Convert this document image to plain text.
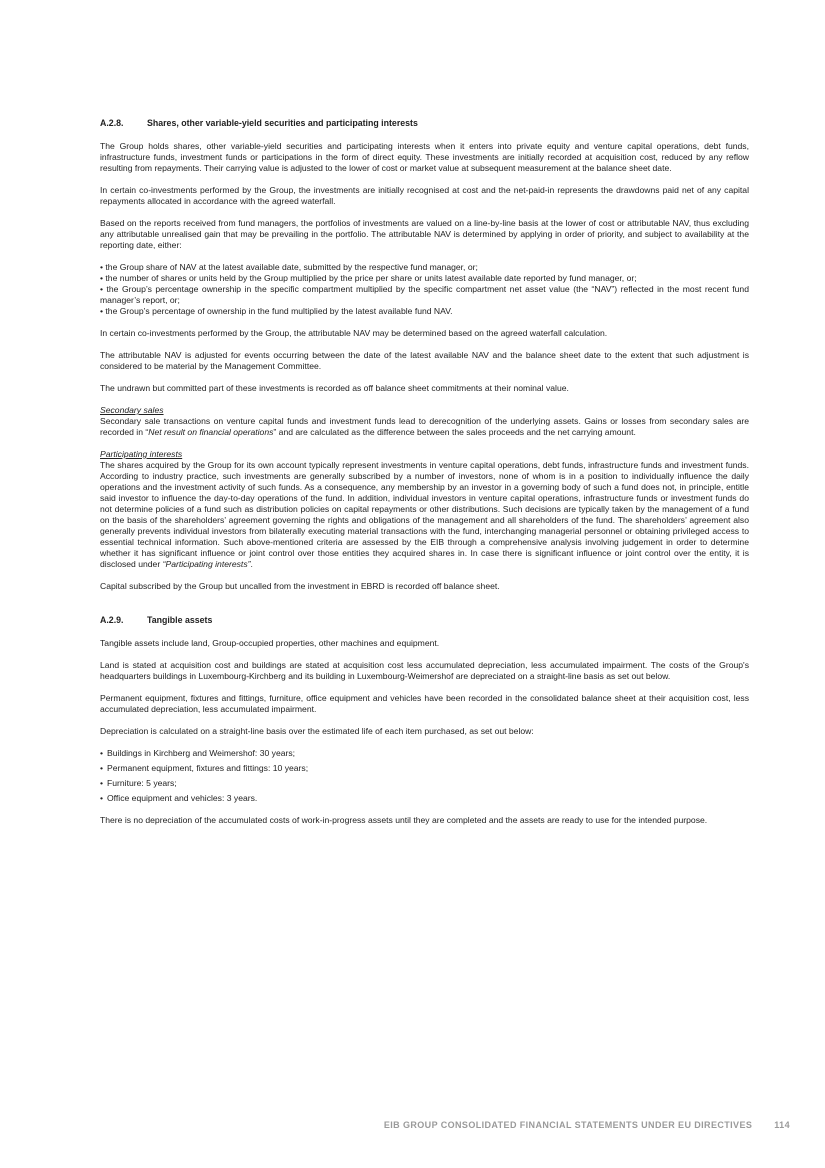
A.2.8.	Shares, other variable-yield securities and participating interests

The Group holds shares, other variable-yield securities and participating interests when it enters into private equity and venture capital operations, debt funds, infrastructure funds, investment funds or participations in the form of direct equity. These investments are initially recorded at acquisition cost, reduced by any reflow resulting from repayments. Their carrying value is adjusted to the lower of cost or market value at subsequent measurement at the balance sheet date.

In certain co-investments performed by the Group, the investments are initially recognised at cost and the net-paid-in represents the drawdowns paid net of any capital repayments allocated in accordance with the agreed waterfall.

Based on the reports received from fund managers, the portfolios of investments are valued on a line-by-line basis at the lower of cost or attributable NAV, thus excluding any attributable unrealised gain that may be prevailing in the portfolio. The attributable NAV is determined by applying in order of priority, and subject to availability at the reporting date, either:

• the Group share of NAV at the latest available date, submitted by the respective fund manager, or;
• the number of shares or units held by the Group multiplied by the price per share or units latest available date reported by fund manager, or;
• the Group’s percentage ownership in the specific compartment multiplied by the specific compartment net asset value (the “NAV”) reflected in the most recent fund manager’s report, or;
• the Group’s percentage of ownership in the fund multiplied by the latest available fund NAV.

In certain co-investments performed by the Group, the attributable NAV may be determined based on the agreed waterfall calculation.

The attributable NAV is adjusted for events occurring between the date of the latest available NAV and the balance sheet date to the extent that such adjustment is considered to be material by the Management Committee.

The undrawn but committed part of these investments is recorded as off balance sheet commitments at their nominal value.

Secondary sales
Secondary sale transactions on venture capital funds and investment funds lead to derecognition of the underlying assets. Gains or losses from secondary sales are recorded in “Net result on financial operations” and are calculated as the difference between the sales proceeds and the net carrying amount.

Participating interests
The shares acquired by the Group for its own account typically represent investments in venture capital operations, debt funds, infrastructure funds and investment funds. According to industry practice, such investments are generally subscribed by a number of investors, none of whom is in a position to individually influence the daily operations and the investment activity of such funds. As a consequence, any membership by an investor in a governing body of such a fund does not, in principle, entitle said investor to influence the day-to-day operations of the fund. In addition, individual investors in venture capital operations, infrastructure funds or investment funds do not determine policies of a fund such as distribution policies on capital repayments or other distributions. Such decisions are typically taken by the management of a fund on the basis of the shareholders’ agreement governing the rights and obligations of the management and all shareholders of the fund. The shareholders’ agreement also generally prevents individual investors from bilaterally executing material transactions with the fund, interchanging managerial personnel or obtaining privileged access to essential technical information. Such above-mentioned criteria are assessed by the EIB through a comprehensive analysis involving judgement in order to determine whether it has significant influence or joint control over those entities they acquired shares in. In case there is significant influence or joint control over the entity, it is disclosed under “Participating interests”.

Capital subscribed by the Group but uncalled from the investment in EBRD is recorded off balance sheet.

A.2.9.	Tangible assets

Tangible assets include land, Group-occupied properties, other machines and equipment.

Land is stated at acquisition cost and buildings are stated at acquisition cost less accumulated depreciation, less accumulated impairment. The costs of the Group's headquarters buildings in Luxembourg-Kirchberg and its building in Luxembourg-Weimershof are depreciated on a straight-line basis as set out below.

Permanent equipment, fixtures and fittings, furniture, office equipment and vehicles have been recorded in the consolidated balance sheet at their acquisition cost, less accumulated depreciation, less accumulated impairment.

Depreciation is calculated on a straight-line basis over the estimated life of each item purchased, as set out below:

• Buildings in Kirchberg and Weimershof: 30 years;
• Permanent equipment, fixtures and fittings: 10 years;
• Furniture: 5 years;
• Office equipment and vehicles: 3 years.

There is no depreciation of the accumulated costs of work-in-progress assets until they are completed and the assets are ready to use for the intended purpose.

EIB GROUP CONSOLIDATED FINANCIAL STATEMENTS UNDER EU DIRECTIVES 114
